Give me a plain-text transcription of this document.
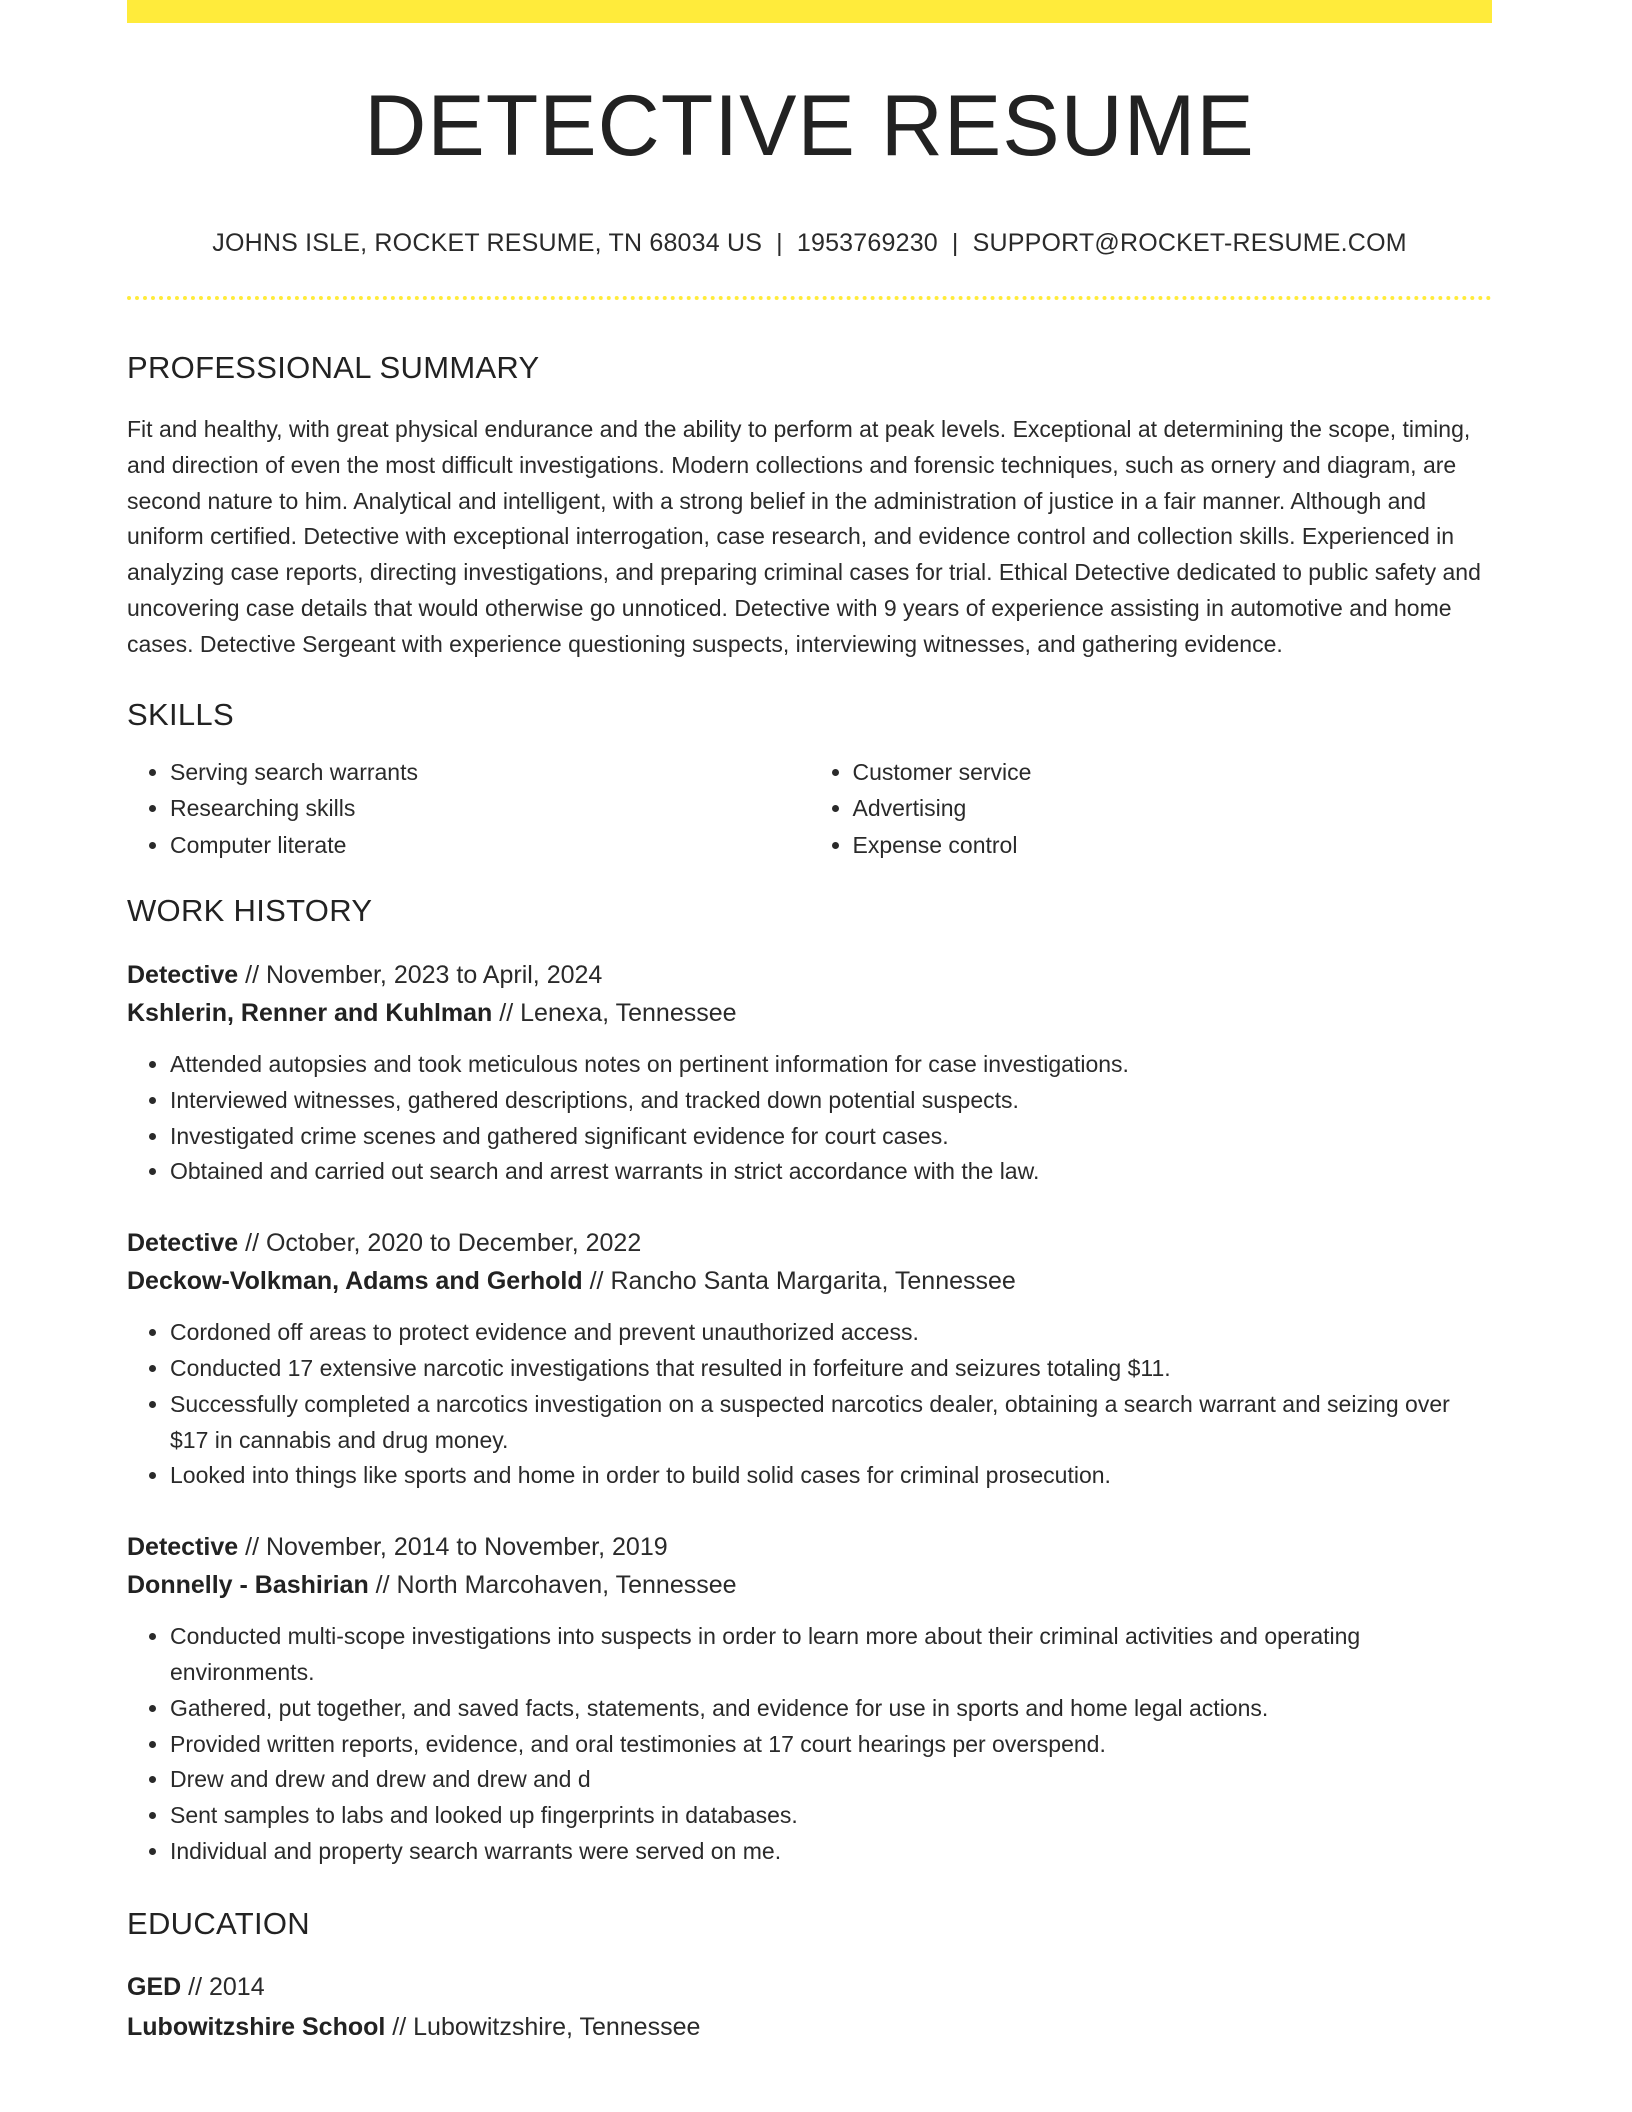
DETECTIVE RESUME
JOHNS ISLE, ROCKET RESUME, TN 68034 US | 1953769230 | SUPPORT@ROCKET-RESUME.COM
PROFESSIONAL SUMMARY
Fit and healthy, with great physical endurance and the ability to perform at peak levels. Exceptional at determining the scope, timing, and direction of even the most difficult investigations. Modern collections and forensic techniques, such as ornery and diagram, are second nature to him. Analytical and intelligent, with a strong belief in the administration of justice in a fair manner. Although and uniform certified. Detective with exceptional interrogation, case research, and evidence control and collection skills. Experienced in analyzing case reports, directing investigations, and preparing criminal cases for trial. Ethical Detective dedicated to public safety and uncovering case details that would otherwise go unnoticed. Detective with 9 years of experience assisting in automotive and home cases. Detective Sergeant with experience questioning suspects, interviewing witnesses, and gathering evidence.
SKILLS
• Serving search warrants
• Researching skills
• Computer literate
• Customer service
• Advertising
• Expense control
WORK HISTORY
Detective // November, 2023 to April, 2024
Kshlerin, Renner and Kuhlman // Lenexa, Tennessee
• Attended autopsies and took meticulous notes on pertinent information for case investigations.
• Interviewed witnesses, gathered descriptions, and tracked down potential suspects.
• Investigated crime scenes and gathered significant evidence for court cases.
• Obtained and carried out search and arrest warrants in strict accordance with the law.
Detective // October, 2020 to December, 2022
Deckow-Volkman, Adams and Gerhold // Rancho Santa Margarita, Tennessee
• Cordoned off areas to protect evidence and prevent unauthorized access.
• Conducted 17 extensive narcotic investigations that resulted in forfeiture and seizures totaling $11.
• Successfully completed a narcotics investigation on a suspected narcotics dealer, obtaining a search warrant and seizing over $17 in cannabis and drug money.
• Looked into things like sports and home in order to build solid cases for criminal prosecution.
Detective // November, 2014 to November, 2019
Donnelly - Bashirian // North Marcohaven, Tennessee
• Conducted multi-scope investigations into suspects in order to learn more about their criminal activities and operating environments.
• Gathered, put together, and saved facts, statements, and evidence for use in sports and home legal actions.
• Provided written reports, evidence, and oral testimonies at 17 court hearings per overspend.
• Drew and drew and drew and drew and d
• Sent samples to labs and looked up fingerprints in databases.
• Individual and property search warrants were served on me.
EDUCATION
GED // 2014
Lubowitzshire School // Lubowitzshire, Tennessee
